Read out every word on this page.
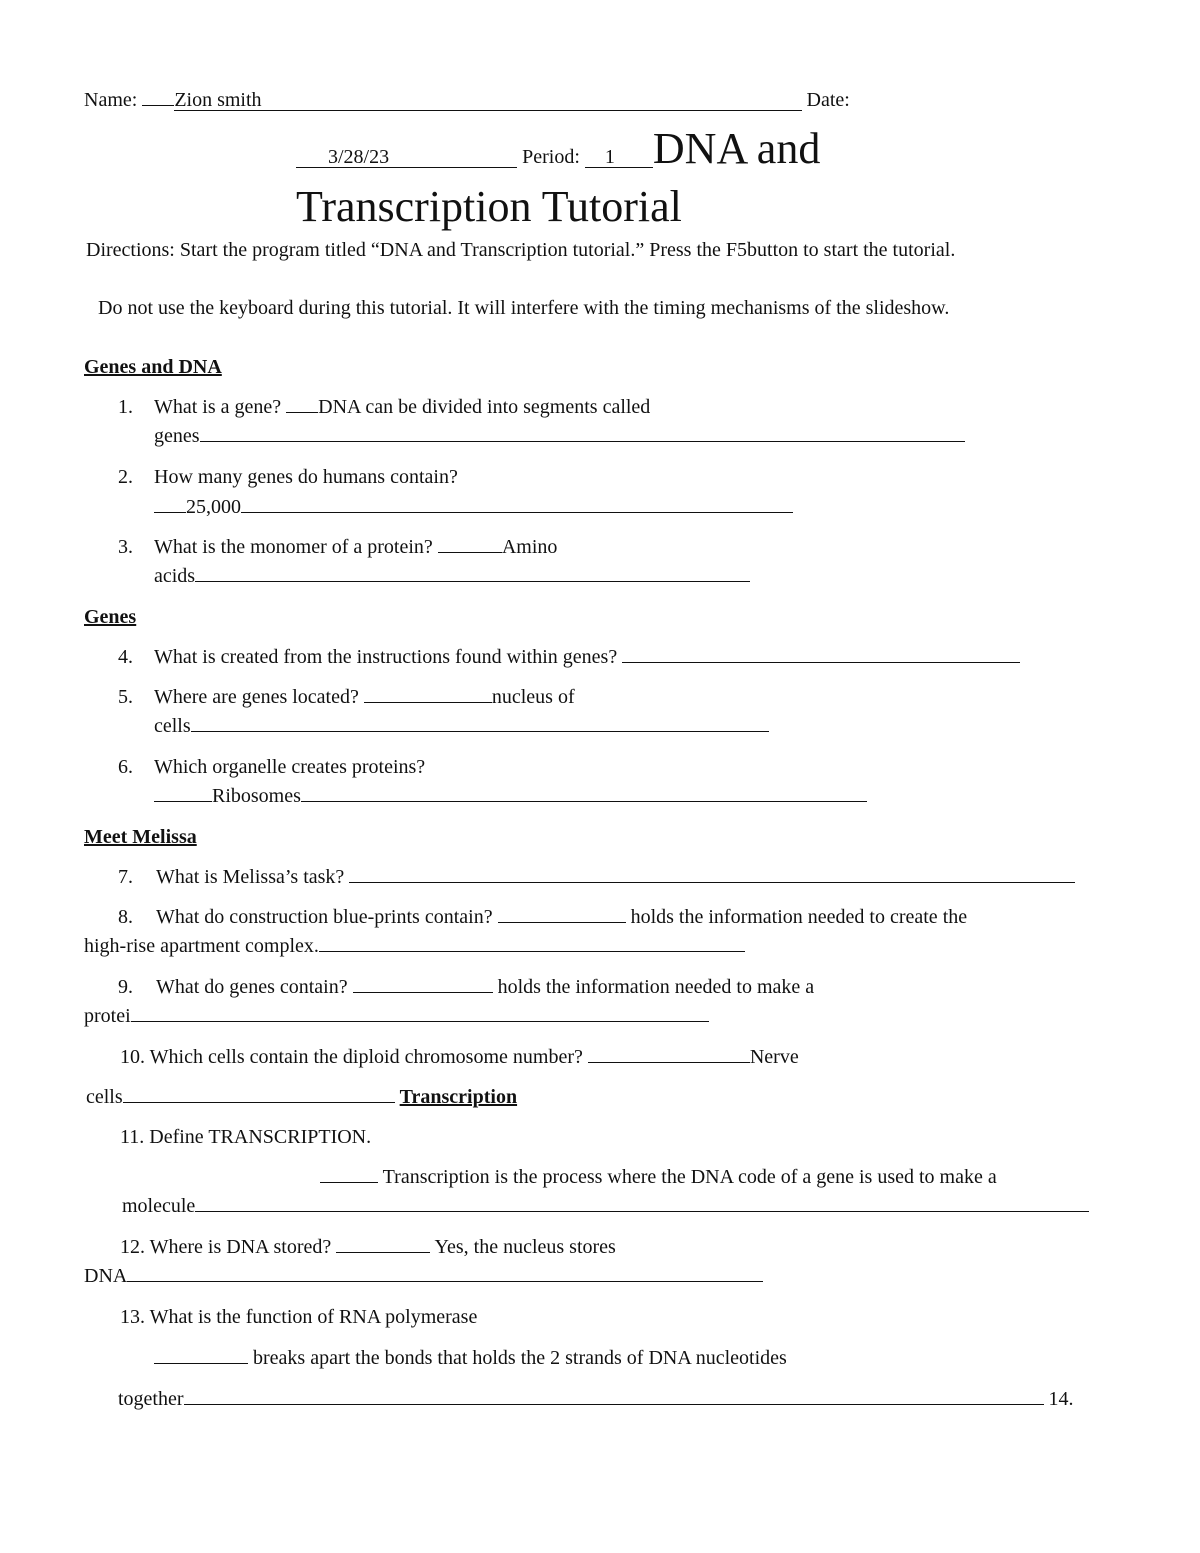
Name: Zion smith	Date:
3/28/23	Period: 1 DNA and
Transcription Tutorial
Directions: Start the program titled “DNA and Transcription tutorial.” Press the F5button to start the tutorial.
Do not use the keyboard during this tutorial. It will interfere with the timing mechanisms of the slideshow.
Genes and DNA
1. What is a gene? DNA can be divided into segments called
genes
2. How many genes do humans contain?
25,000
3. What is the monomer of a protein?	Amino
acids
Genes
4. What is created from the instructions found within genes?
5. Where are genes located?	nucleus of
cells
6. Which organelle creates proteins?
Ribosomes
Meet Melissa
7. What is Melissa’s task?
8. What do construction blue-prints contain?	holds the information needed to create the
high-rise apartment complex.
9. What do genes contain?	holds the information needed to make a
protei
10. Which cells contain the diploid chromosome number?	Nerve
cells	Transcription
11. Define TRANSCRIPTION.
Transcription is the process where the DNA code of a gene is used to make a
molecule
12. Where is DNA stored?	Yes, the nucleus stores
DNA
13. What is the function of RNA polymerase
breaks apart the bonds that holds the 2 strands of DNA nucleotides
together	14.
